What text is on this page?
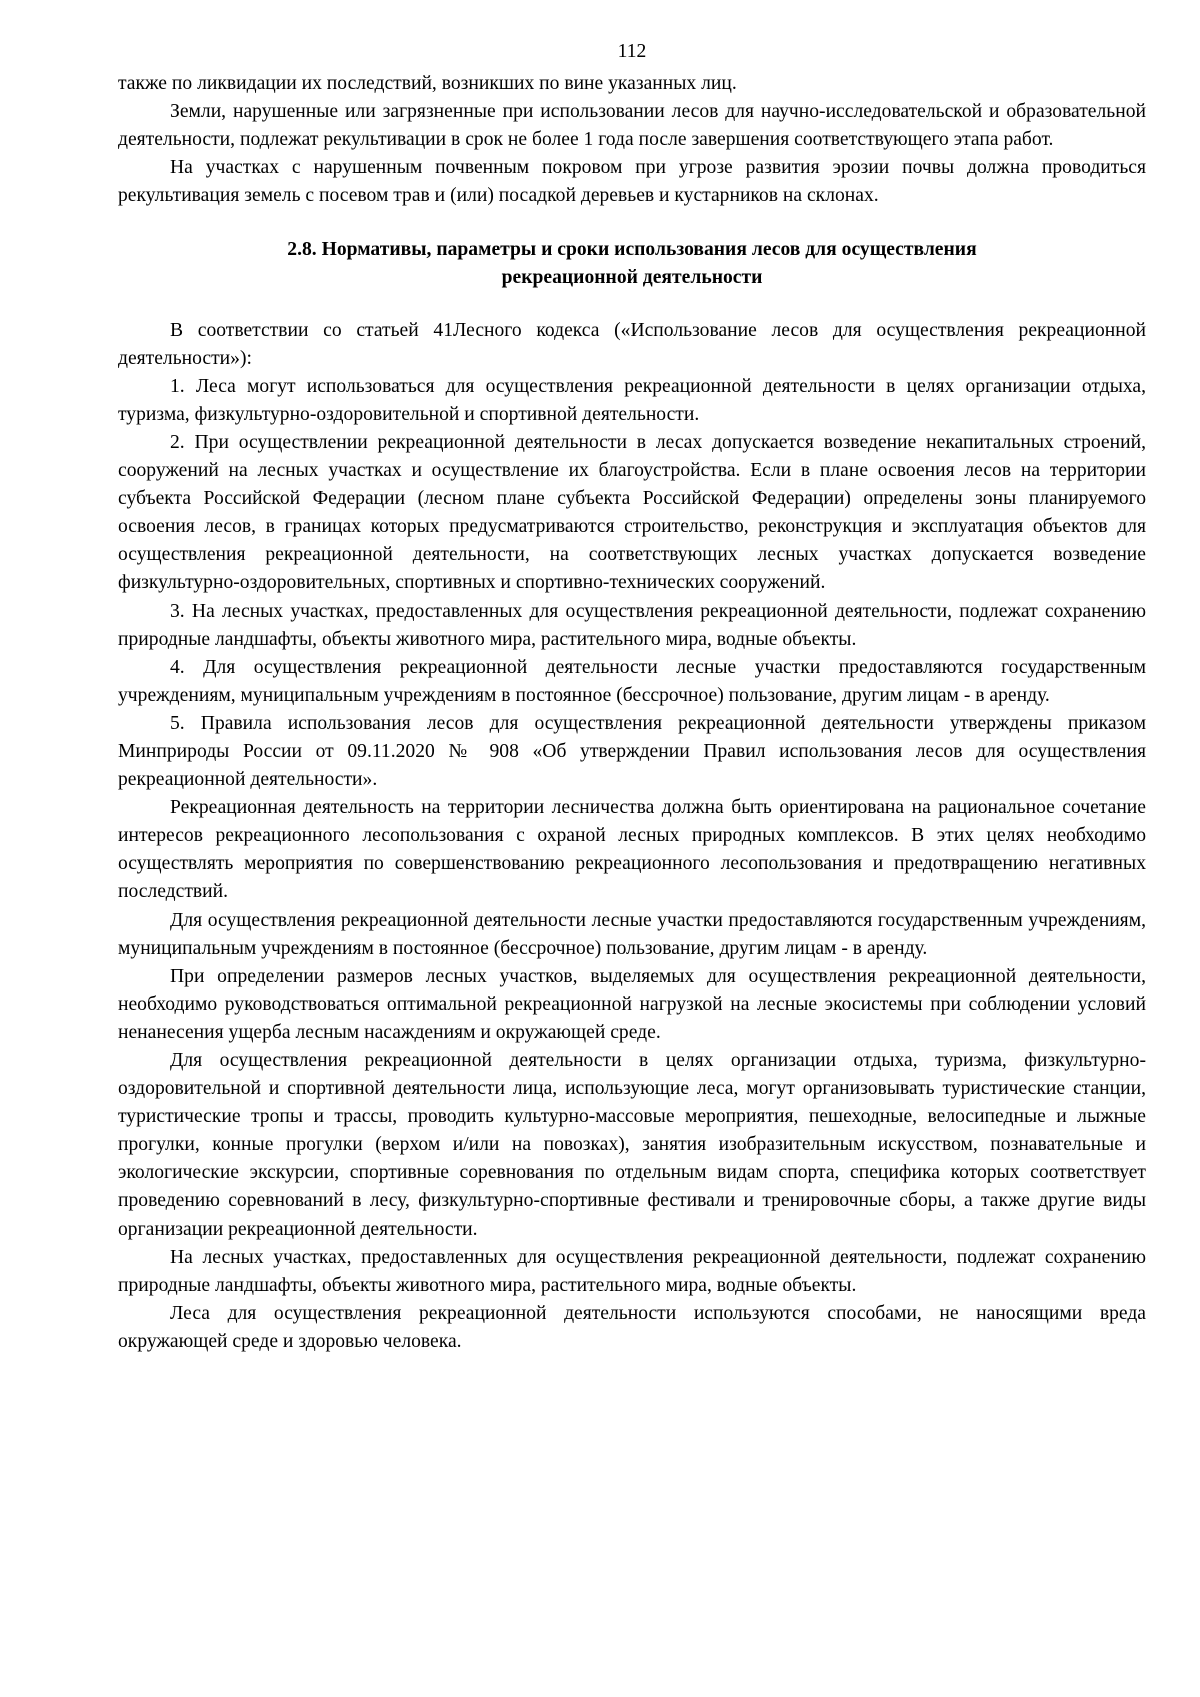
112

также по ликвидации их последствий, возникших по вине указанных лиц.

Земли, нарушенные или загрязненные при использовании лесов для научно-исследовательской и образовательной деятельности, подлежат рекультивации в срок не более 1 года после завершения соответствующего этапа работ.

На участках с нарушенным почвенным покровом при угрозе развития эрозии почвы должна проводиться рекультивация земель с посевом трав и (или) посадкой деревьев и кустарников на склонах.

2.8. Нормативы, параметры и сроки использования лесов для осуществления
рекреационной деятельности

В соответствии со статьей 41Лесного кодекса («Использование лесов для осуществления рекреационной деятельности»):

1. Леса могут использоваться для осуществления рекреационной деятельности в целях организации отдыха, туризма, физкультурно-оздоровительной и спортивной деятельности.

2. При осуществлении рекреационной деятельности в лесах допускается возведение некапитальных строений, сооружений на лесных участках и осуществление их благоустройства. Если в плане освоения лесов на территории субъекта Российской Федерации (лесном плане субъекта Российской Федерации) определены зоны планируемого освоения лесов, в границах которых предусматриваются строительство, реконструкция и эксплуатация объектов для осуществления рекреационной деятельности, на соответствующих лесных участках допускается возведение физкультурно-оздоровительных, спортивных и спортивно-технических сооружений.

3. На лесных участках, предоставленных для осуществления рекреационной деятельности, подлежат сохранению природные ландшафты, объекты животного мира, растительного мира, водные объекты.

4. Для осуществления рекреационной деятельности лесные участки предоставляются государственным учреждениям, муниципальным учреждениям в постоянное (бессрочное) пользование, другим лицам - в аренду.

5. Правила использования лесов для осуществления рекреационной деятельности утверждены приказом Минприроды России от 09.11.2020 № 908 «Об утверждении Правил использования лесов для осуществления рекреационной деятельности».

Рекреационная деятельность на территории лесничества должна быть ориентирована на рациональное сочетание интересов рекреационного лесопользования с охраной лесных природных комплексов. В этих целях необходимо осуществлять мероприятия по совершенствованию рекреационного лесопользования и предотвращению негативных последствий.

Для осуществления рекреационной деятельности лесные участки предоставляются государственным учреждениям, муниципальным учреждениям в постоянное (бессрочное) пользование, другим лицам - в аренду.

При определении размеров лесных участков, выделяемых для осуществления рекреационной деятельности, необходимо руководствоваться оптимальной рекреационной нагрузкой на лесные экосистемы при соблюдении условий ненанесения ущерба лесным насаждениям и окружающей среде.

Для осуществления рекреационной деятельности в целях организации отдыха, туризма, физкультурно-оздоровительной и спортивной деятельности лица, использующие леса, могут организовывать туристические станции, туристические тропы и трассы, проводить культурно-массовые мероприятия, пешеходные, велосипедные и лыжные прогулки, конные прогулки (верхом и/или на повозках), занятия изобразительным искусством, познавательные и экологические экскурсии, спортивные соревнования по отдельным видам спорта, специфика которых соответствует проведению соревнований в лесу, физкультурно-спортивные фестивали и тренировочные сборы, а также другие виды организации рекреационной деятельности.

На лесных участках, предоставленных для осуществления рекреационной деятельности, подлежат сохранению природные ландшафты, объекты животного мира, растительного мира, водные объекты.

Леса для осуществления рекреационной деятельности используются способами, не наносящими вреда окружающей среде и здоровью человека.
